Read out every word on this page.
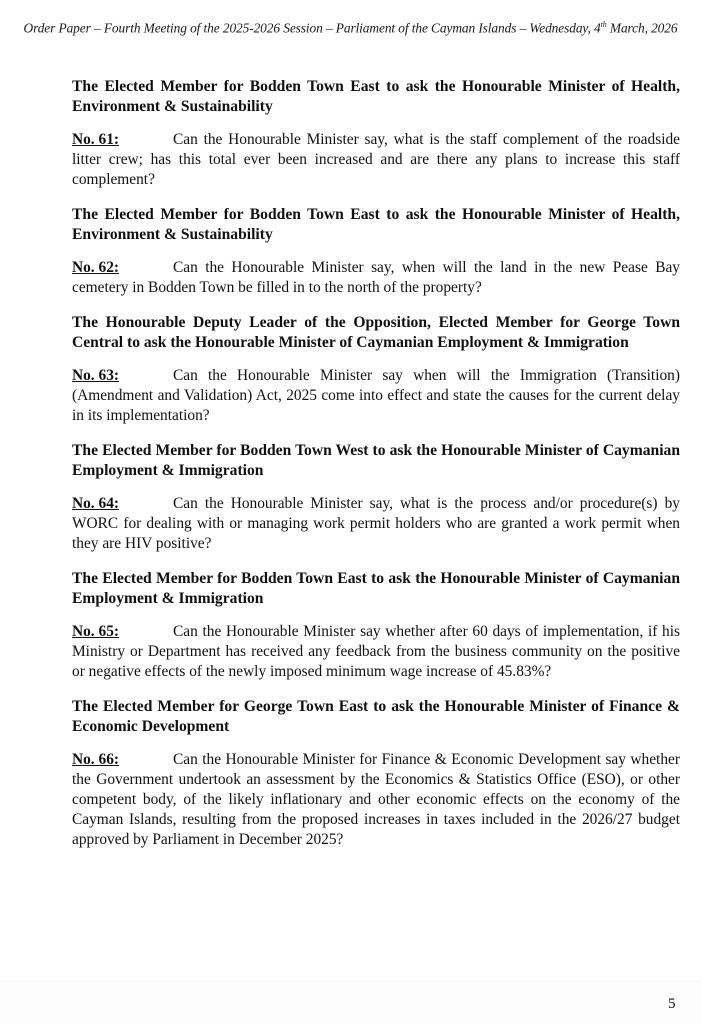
Order Paper – Fourth Meeting of the 2025-2026 Session – Parliament of the Cayman Islands – Wednesday, 4th March, 2026

The Elected Member for Bodden Town East to ask the Honourable Minister of Health, Environment & Sustainability

No. 61:	Can the Honourable Minister say, what is the staff complement of the roadside litter crew; has this total ever been increased and are there any plans to increase this staff complement?

The Elected Member for Bodden Town East to ask the Honourable Minister of Health, Environment & Sustainability

No. 62:	Can the Honourable Minister say, when will the land in the new Pease Bay cemetery in Bodden Town be filled in to the north of the property?

The Honourable Deputy Leader of the Opposition, Elected Member for George Town Central to ask the Honourable Minister of Caymanian Employment & Immigration

No. 63:	Can the Honourable Minister say when will the Immigration (Transition) (Amendment and Validation) Act, 2025 come into effect and state the causes for the current delay in its implementation?

The Elected Member for Bodden Town West to ask the Honourable Minister of Caymanian Employment & Immigration

No. 64:	Can the Honourable Minister say, what is the process and/or procedure(s) by WORC for dealing with or managing work permit holders who are granted a work permit when they are HIV positive?

The Elected Member for Bodden Town East to ask the Honourable Minister of Caymanian Employment & Immigration

No. 65:	Can the Honourable Minister say whether after 60 days of implementation, if his Ministry or Department has received any feedback from the business community on the positive or negative effects of the newly imposed minimum wage increase of 45.83%?

The Elected Member for George Town East to ask the Honourable Minister of Finance & Economic Development

No. 66:	Can the Honourable Minister for Finance & Economic Development say whether the Government undertook an assessment by the Economics & Statistics Office (ESO), or other competent body, of the likely inflationary and other economic effects on the economy of the Cayman Islands, resulting from the proposed increases in taxes included in the 2026/27 budget approved by Parliament in December 2025?

5
